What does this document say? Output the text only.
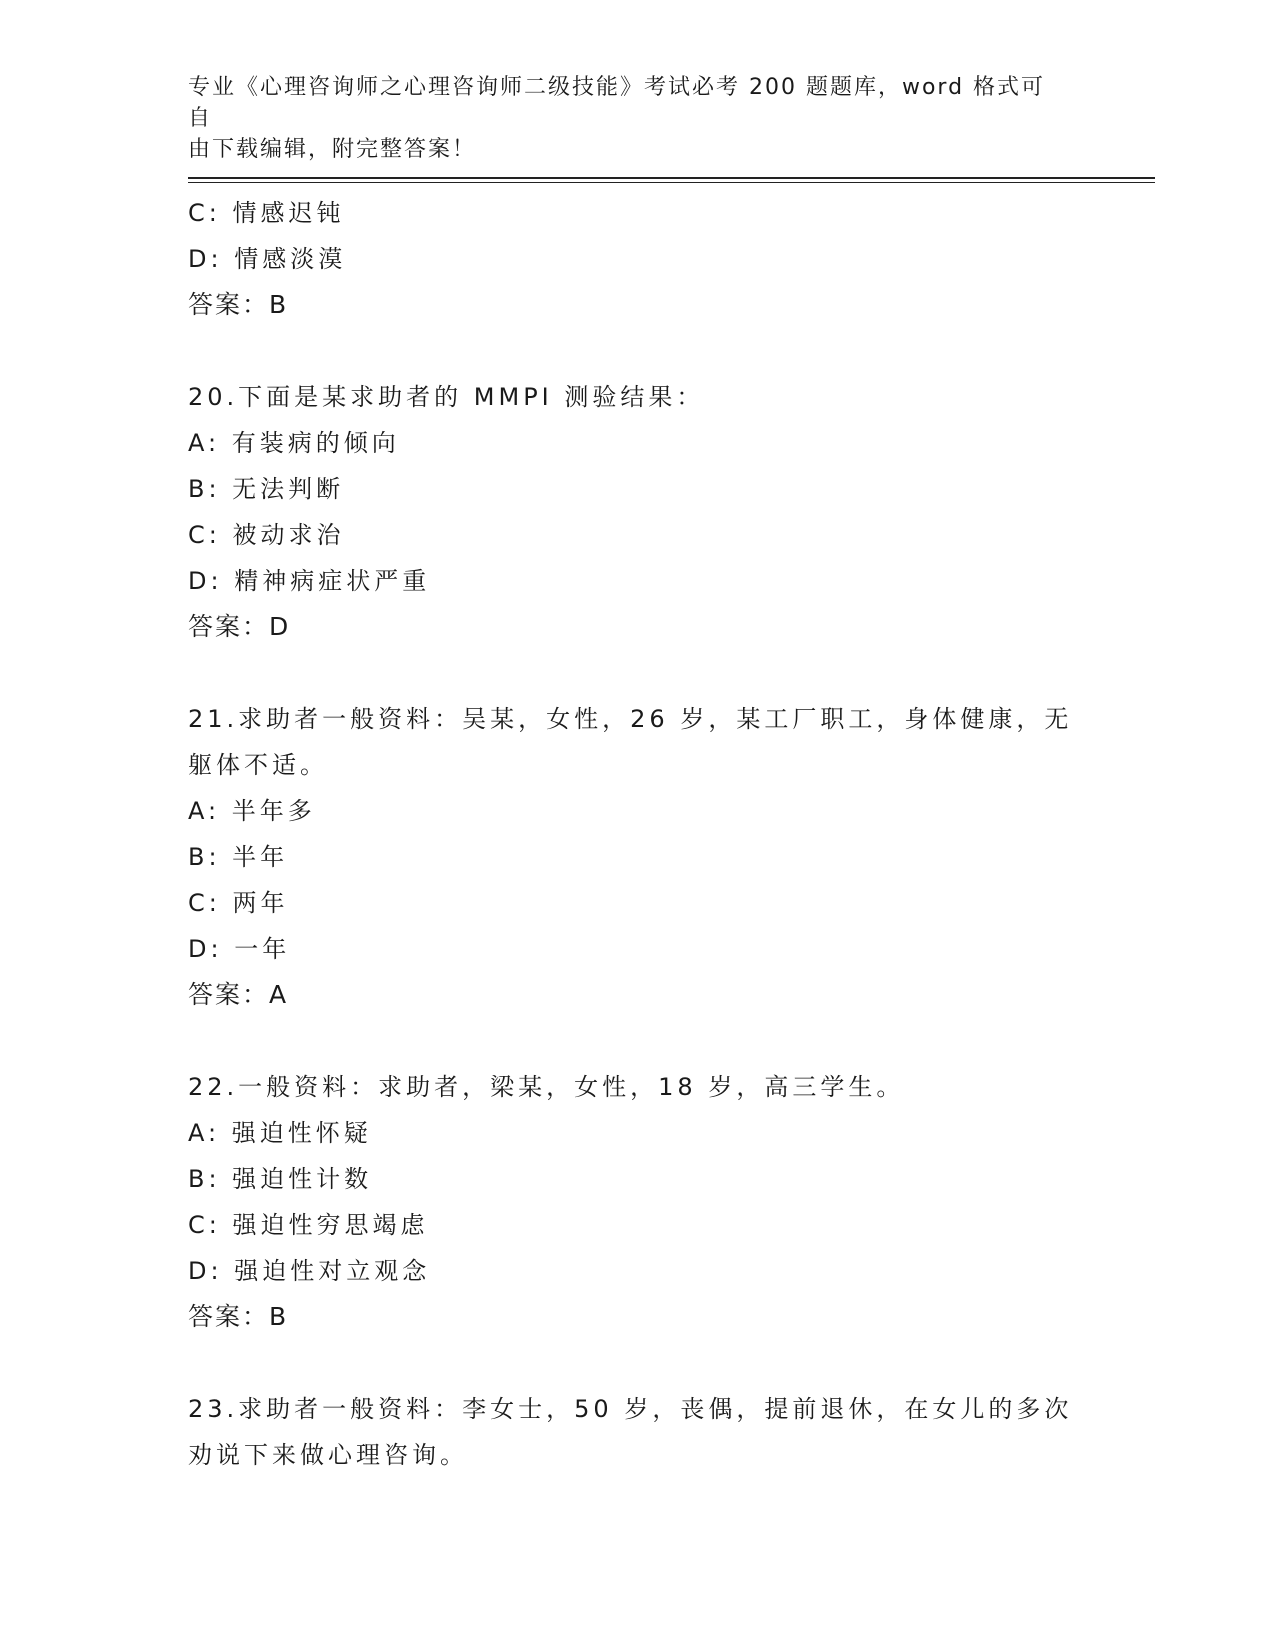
专业《心理咨询师之心理咨询师二级技能》考试必考 200 题题库，word 格式可自
由下载编辑，附完整答案！
C: 情感迟钝
D: 情感淡漠
答案：B
20.下面是某求助者的 MMPI 测验结果：
A: 有装病的倾向
B: 无法判断
C: 被动求治
D: 精神病症状严重
答案：D
21.求助者一般资料：吴某，女性，26 岁，某工厂职工，身体健康，无
躯体不适。
A: 半年多
B: 半年
C: 两年
D: 一年
答案：A
22.一般资料：求助者，梁某，女性，18 岁，高三学生。
A: 强迫性怀疑
B: 强迫性计数
C: 强迫性穷思竭虑
D: 强迫性对立观念
答案：B
23.求助者一般资料：李女士，50 岁，丧偶，提前退休，在女儿的多次
劝说下来做心理咨询。
